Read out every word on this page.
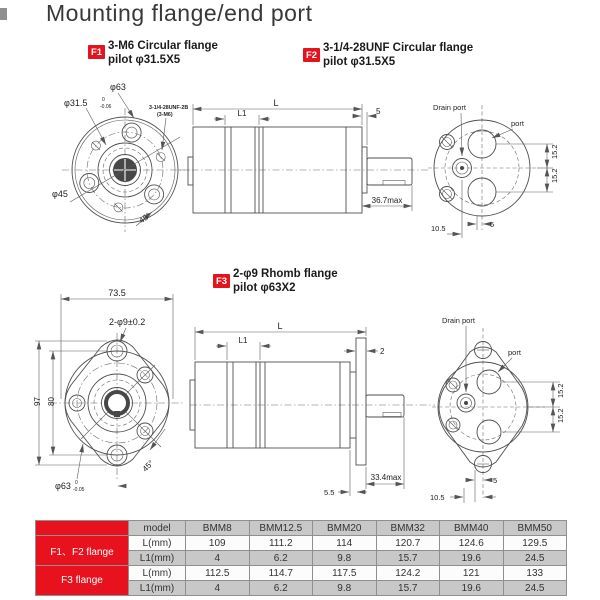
Mounting flange/end port
F1 3-M6 Circular flange
pilot φ31.5X5	F2
3-1/4-28UNF Circular flange
pilot φ31.5X5
F3
2-φ9 Rhomb flange
pilot φ63X2
φ63
φ31.5	0
-0.06	3-1/4-28UNF-2B
(3-M6)
φ45
45°
L
L1	5
36.7max
Drain port
port
15.2
15.2
5
10.5
73.5
2-φ9±0.2
97 80
φ63 0
-0.05
45°
L
L1
2
33.4max
5.5
Drain port
port
15.2
15.2
5
10.5
	model	BMM8	BMM12.5	BMM20	BMM32	BMM40	BMM50
F1、F2 flange	L(mm)	109	111.2	114	120.7	124.6	129.5
	L1(mm)	4	6.2	9.8	15.7	19.6	24.5
F3 flange	L(mm)	112.5	114.7	117.5	124.2	121	133
	L1(mm)	4	6.2	9.8	15.7	19.6	24.5
